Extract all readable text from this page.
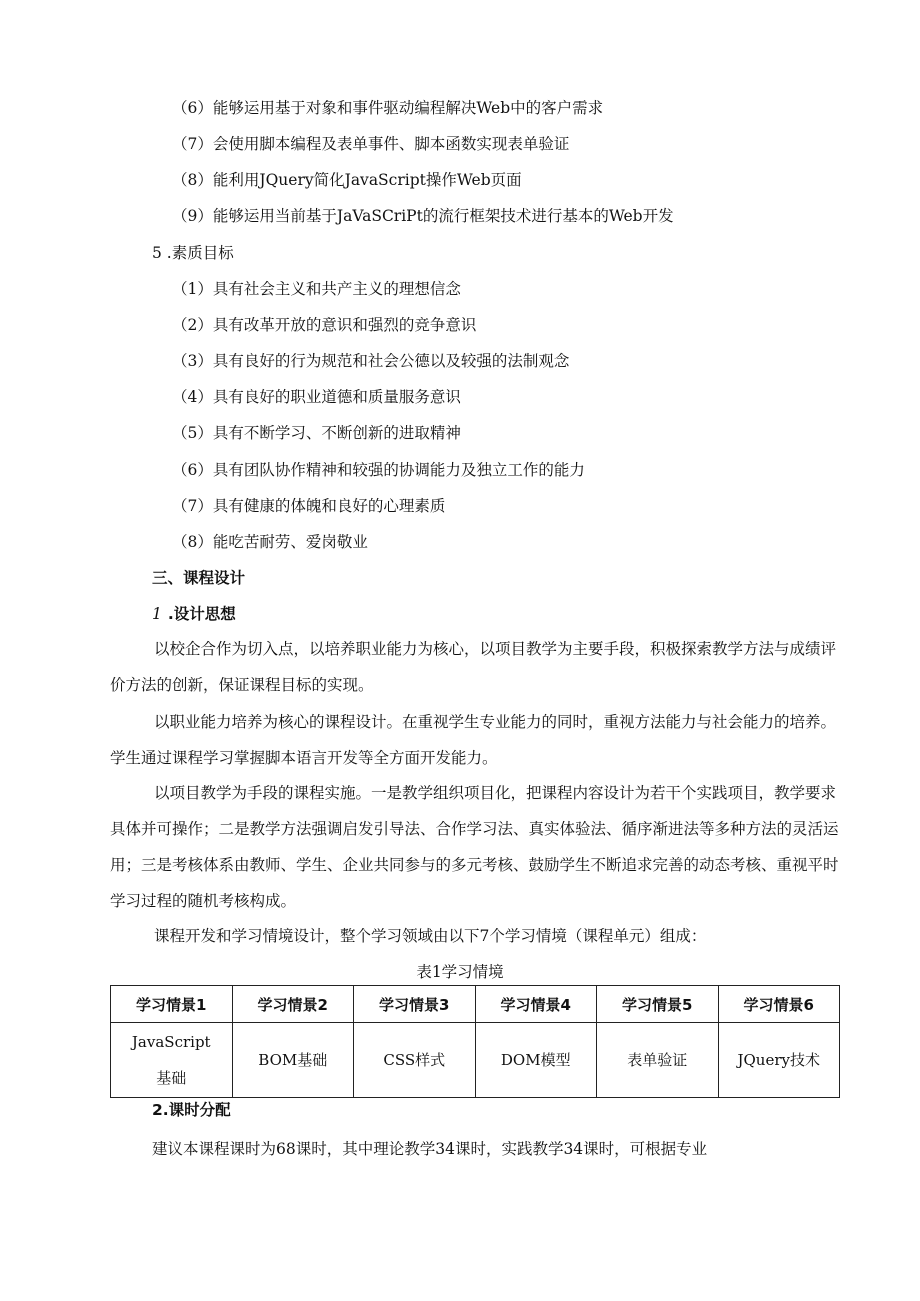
（6）能够运用基于对象和事件驱动编程解决Web中的客户需求
（7）会使用脚本编程及表单事件、脚本函数实现表单验证
（8）能利用JQuery简化JavaScript操作Web页面
（9）能够运用当前基于JaVaSCriPt的流行框架技术进行基本的Web开发
5 .素质目标
（1）具有社会主义和共产主义的理想信念
（2）具有改革开放的意识和强烈的竞争意识
（3）具有良好的行为规范和社会公德以及较强的法制观念
（4）具有良好的职业道德和质量服务意识
（5）具有不断学习、不断创新的进取精神
（6）具有团队协作精神和较强的协调能力及独立工作的能力
（7）具有健康的体魄和良好的心理素质
（8）能吃苦耐劳、爱岗敬业
三、课程设计
1 .设计思想
以校企合作为切入点，以培养职业能力为核心，以项目教学为主要手段，积极探索教学方法与成绩评价方法的创新，保证课程目标的实现。
以职业能力培养为核心的课程设计。在重视学生专业能力的同时，重视方法能力与社会能力的培养。学生通过课程学习掌握脚本语言开发等全方面开发能力。
以项目教学为手段的课程实施。一是教学组织项目化，把课程内容设计为若干个实践项目，教学要求具体并可操作；二是教学方法强调启发引导法、合作学习法、真实体验法、循序渐进法等多种方法的灵活运用；三是考核体系由教师、学生、企业共同参与的多元考核、鼓励学生不断追求完善的动态考核、重视平时学习过程的随机考核构成。
课程开发和学习情境设计，整个学习领域由以下7个学习情境（课程单元）组成：
表1学习情境
学习情景1	学习情景2	学习情景3	学习情景4	学习情景5	学习情景6
JavaScript基础	BOM基础	CSS样式	DOM模型	表单验证	JQuery技术
2.课时分配
建议本课程课时为68课时，其中理论教学34课时，实践教学34课时，可根据专业
